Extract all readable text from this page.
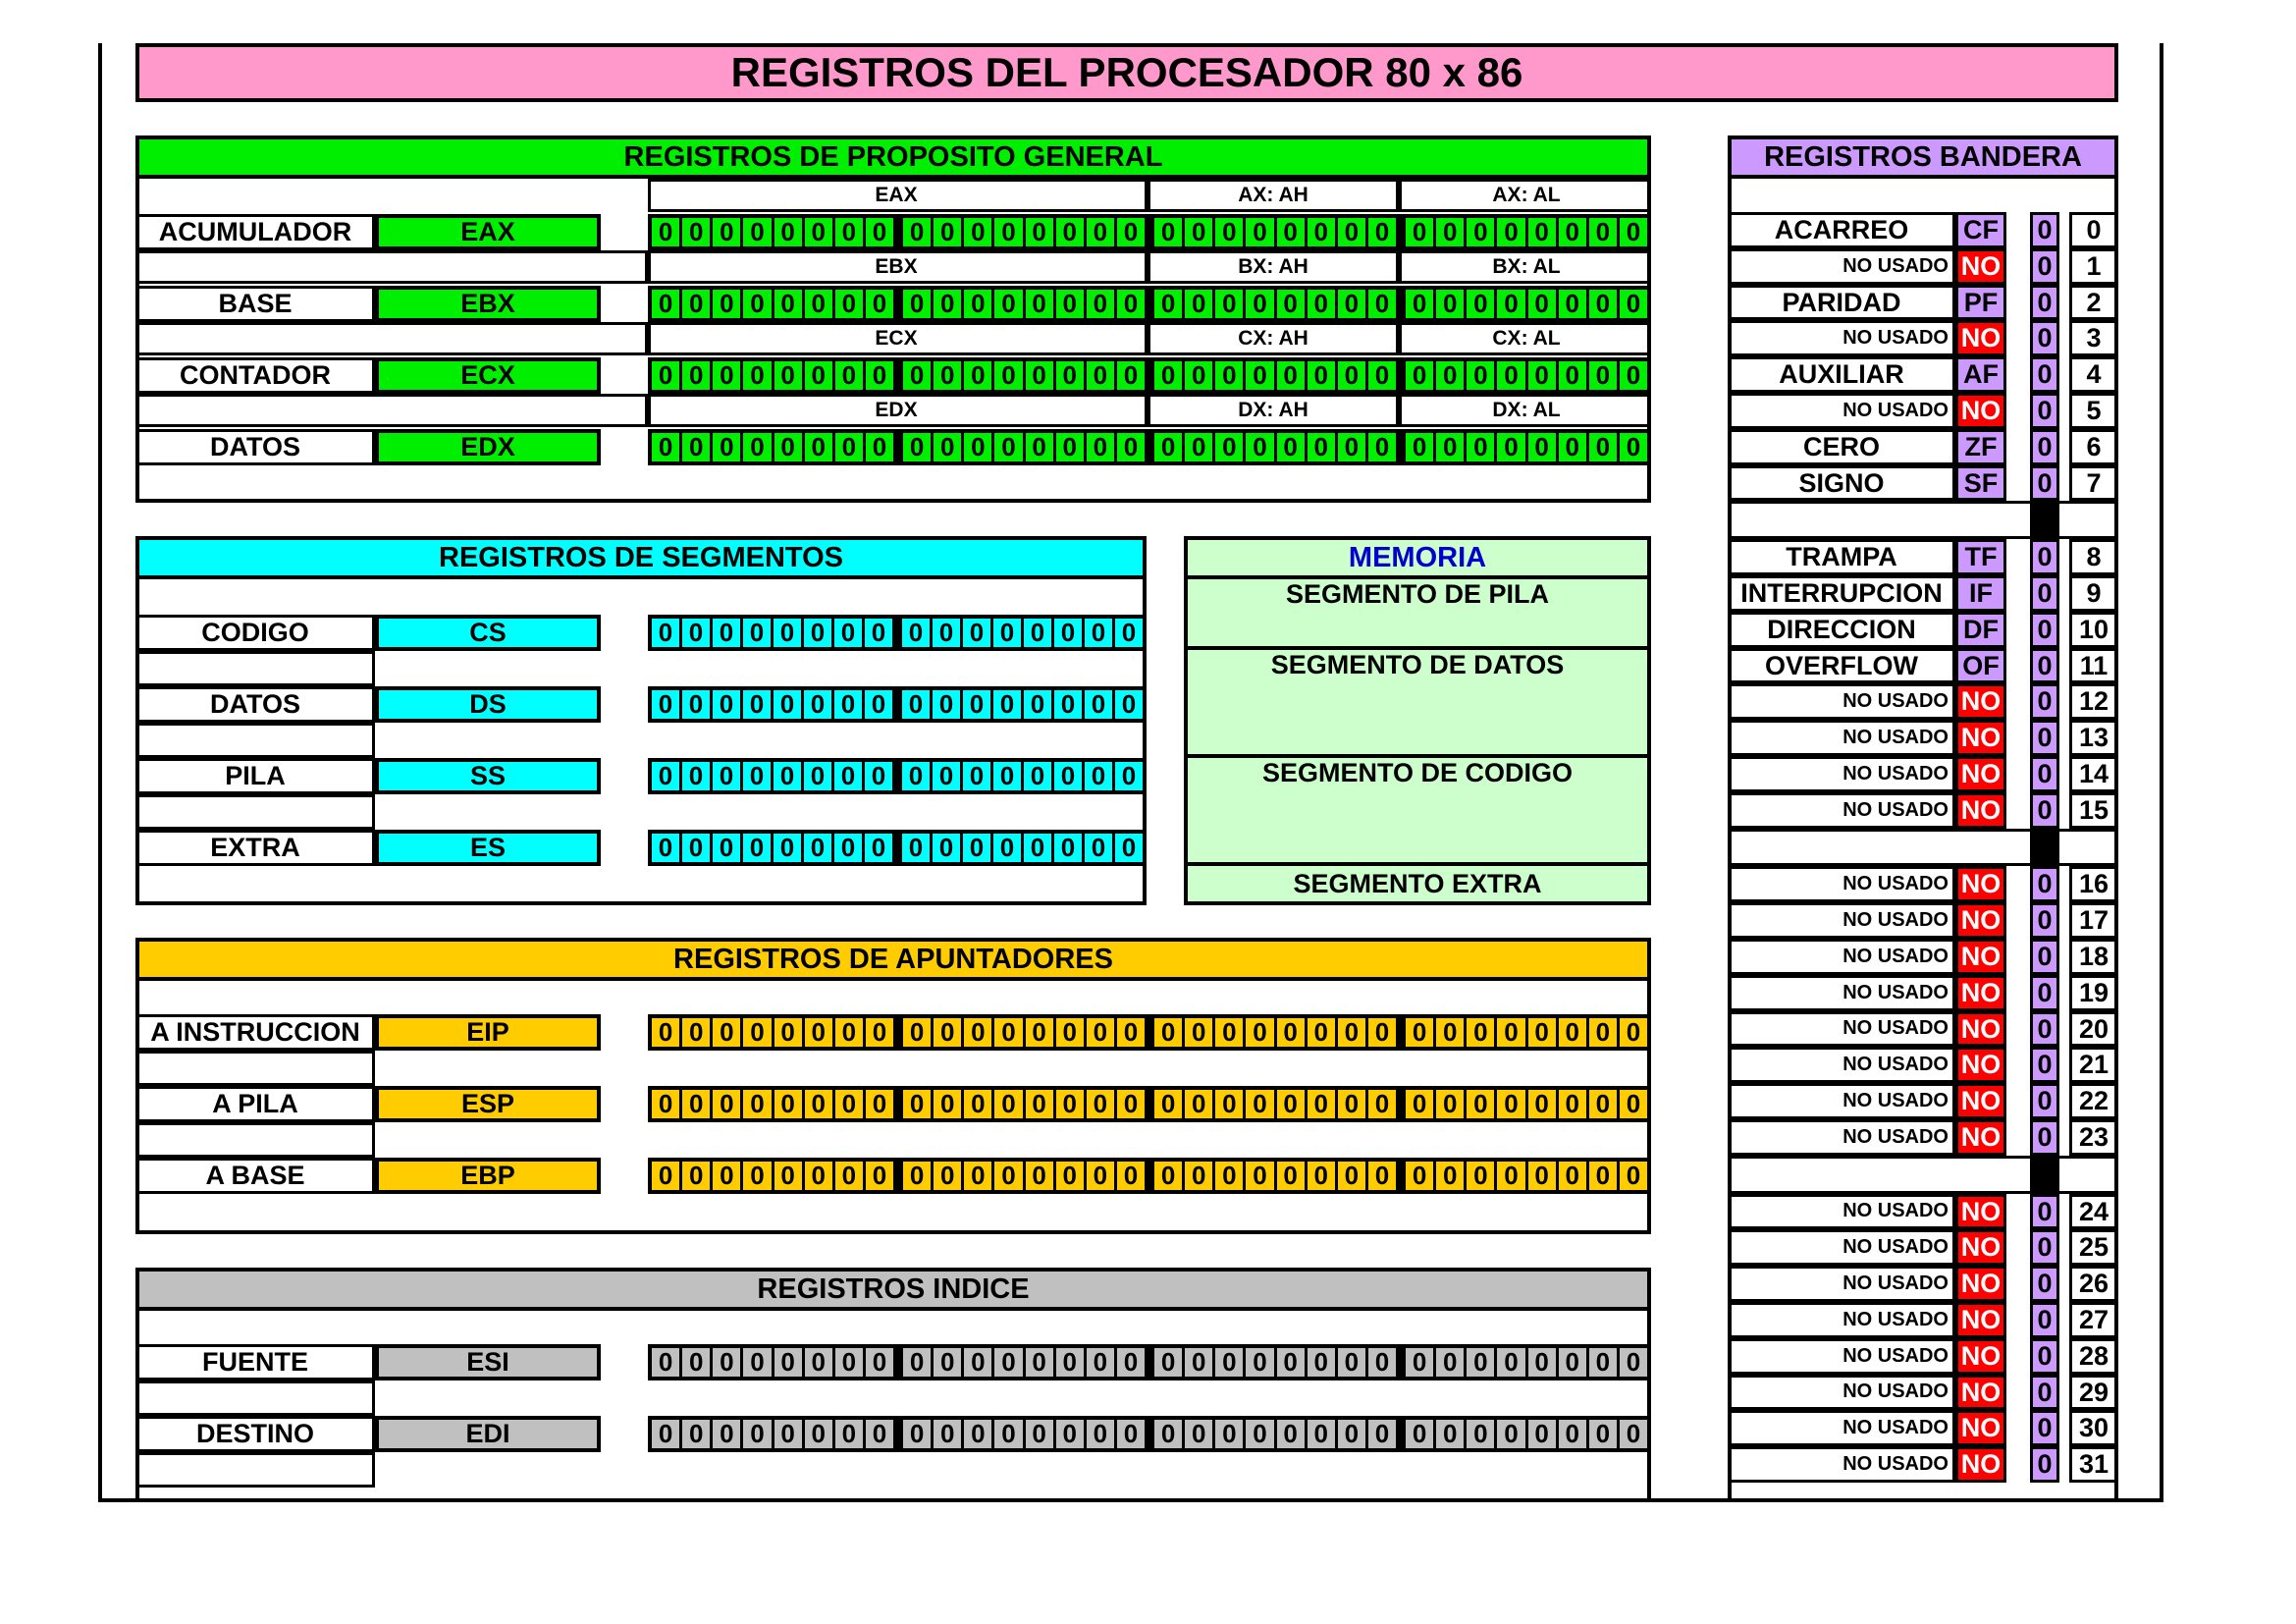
REGISTROS DEL PROCESADOR 80 x 86
REGISTROS DE PROPOSITO GENERAL
EAX	AX: AH	AX: AL
ACUMULADOR	EAX	0 0 0 0 0 0 0 0 0 0 0 0 0 0 0 0 0 0 0 0 0 0 0 0 0 0 0 0 0 0 0 0
EBX	BX: AH	BX: AL
BASE	EBX	0 0 0 0 0 0 0 0 0 0 0 0 0 0 0 0 0 0 0 0 0 0 0 0 0 0 0 0 0 0 0 0
ECX	CX: AH	CX: AL
CONTADOR	ECX	0 0 0 0 0 0 0 0 0 0 0 0 0 0 0 0 0 0 0 0 0 0 0 0 0 0 0 0 0 0 0 0
EDX	DX: AH	DX: AL
DATOS	EDX	0 0 0 0 0 0 0 0 0 0 0 0 0 0 0 0 0 0 0 0 0 0 0 0 0 0 0 0 0 0 0 0
REGISTROS DE SEGMENTOS
CODIGO	CS	0 0 0 0 0 0 0 0 0 0 0 0 0 0 0 0
DATOS	DS	0 0 0 0 0 0 0 0 0 0 0 0 0 0 0 0
PILA	SS	0 0 0 0 0 0 0 0 0 0 0 0 0 0 0 0
EXTRA	ES	0 0 0 0 0 0 0 0 0 0 0 0 0 0 0 0
MEMORIA
SEGMENTO DE PILA
SEGMENTO DE DATOS
SEGMENTO DE CODIGO
SEGMENTO EXTRA
REGISTROS DE APUNTADORES
A INSTRUCCION	EIP	0 0 0 0 0 0 0 0 0 0 0 0 0 0 0 0 0 0 0 0 0 0 0 0 0 0 0 0 0 0 0 0
A PILA	ESP	0 0 0 0 0 0 0 0 0 0 0 0 0 0 0 0 0 0 0 0 0 0 0 0 0 0 0 0 0 0 0 0
A BASE	EBP	0 0 0 0 0 0 0 0 0 0 0 0 0 0 0 0 0 0 0 0 0 0 0 0 0 0 0 0 0 0 0 0
REGISTROS INDICE
FUENTE	ESI	0 0 0 0 0 0 0 0 0 0 0 0 0 0 0 0 0 0 0 0 0 0 0 0 0 0 0 0 0 0 0 0
DESTINO	EDI	0 0 0 0 0 0 0 0 0 0 0 0 0 0 0 0 0 0 0 0 0 0 0 0 0 0 0 0 0 0 0 0
REGISTROS BANDERA
ACARREO	CF 0	0
NO USADO NO 0	1
PARIDAD	PF	0	2
NO USADO NO 0	3
AUXILIAR	AF 0	4
NO USADO NO 0	5
CERO	ZF	0	6
SIGNO	SF	0	7
TRAMPA	TF	0	8
INTERRUPCION	IF	0	9
DIRECCION	DF 0	10
OVERFLOW	OF 0	11
NO USADO NO 0	12
NO USADO NO 0	13
NO USADO NO 0	14
NO USADO NO 0	15
NO USADO NO 0	16
NO USADO NO 0	17
NO USADO NO 0	18
NO USADO NO 0	19
NO USADO NO 0	20
NO USADO NO 0	21
NO USADO NO 0	22
NO USADO NO 0	23
NO USADO NO 0	24
NO USADO NO 0	25
NO USADO NO 0	26
NO USADO NO 0	27
NO USADO NO 0	28
NO USADO NO 0	29
NO USADO NO 0	30
NO USADO NO 0	31
